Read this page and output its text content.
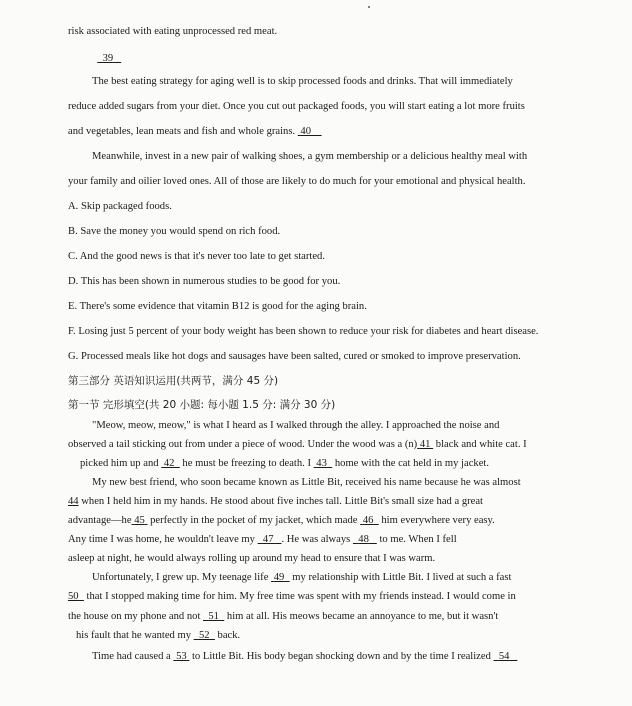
risk associated with eating unprocessed red meat.
39
The best eating strategy for aging well is to skip processed foods and drinks. That will immediately
reduce added sugars from your diet. Once you cut out packaged foods, you will start eating a lot more fruits
and vegetables, lean meats and fish and whole grains. 40
Meanwhile, invest in a new pair of walking shoes, a gym membership or a delicious healthy meal with
your family and oilier loved ones. All of those are likely to do much for your emotional and physical health.
A. Skip packaged foods.
B. Save the money you would spend on rich food.
C. And the good news is that it's never too late to get started.
D. This has been shown in numerous studies to be good for you.
E. There's some evidence that vitamin B12 is good for the aging brain.
F. Losing just 5 percent of your body weight has been shown to reduce your risk for diabetes and heart disease.
G. Processed meals like hot dogs and sausages have been salted, cured or smoked to improve preservation.
第三部分 英语知识运用(共两节，满分 45 分)
第一节 完形填空(共 20 小题: 每小题 1.5 分: 满分 30 分)
"Meow, meow, meow," is what I heard as I walked through the alley. I approached the noise and
observed a tail sticking out from under a piece of wood. Under the wood was a (n) 41 black and white cat. I
picked him up and 42 he must be freezing to death. I 43 home with the cat held in my jacket.
My new best friend, who soon became known as Little Bit, received his name because he was almost
44 when I held him in my hands. He stood about five inches tall. Little Bit's small size had a great
advantage—he 45 perfectly in the pocket of my jacket, which made 46 him everywhere very easy.
Any time I was home, he wouldn't leave my 47 . He was always 48 to me. When I fell
asleep at night, he would always rolling up around my head to ensure that I was warm.
Unfortunately, I grew up. My teenage life 49 my relationship with Little Bit. I lived at such a fast
50 that I stopped making time for him. My free time was spent with my friends instead. I would come in
the house on my phone and not 51 him at all. His meows became an annoyance to me, but it wasn't
his fault that he wanted my 52 back.
Time had caused a 53 to Little Bit. His body began shocking down and by the time I realized 54
